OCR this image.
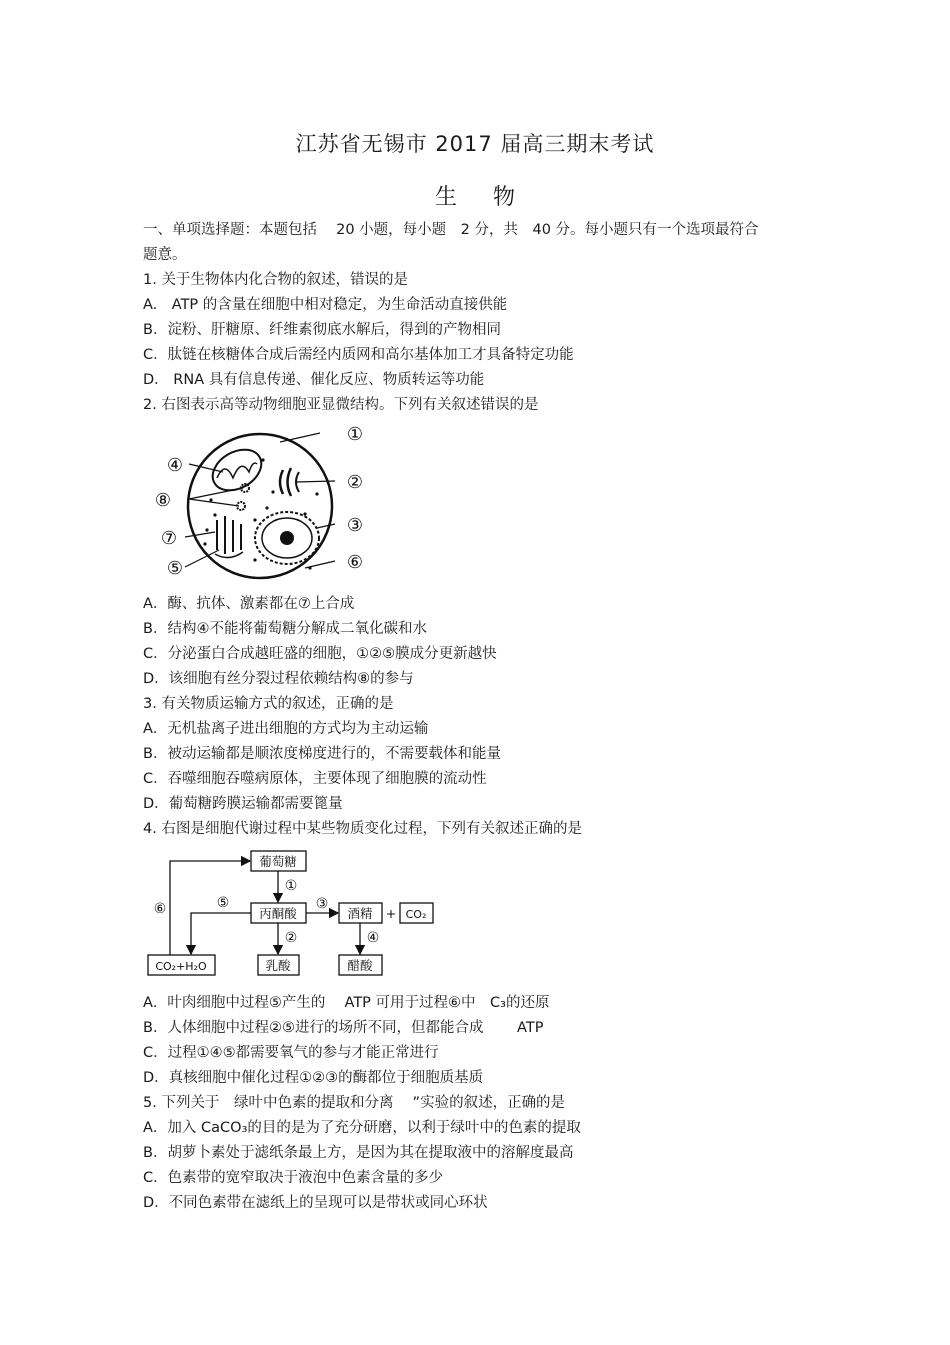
江苏省无锡市 2017 届高三期末考试
生物
一、单项选择题：本题包括　 20 小题，每小题　2 分，共　40 分。每小题只有一个选项最符合
题意。
1. 关于生物体内化合物的叙述，错误的是
A.　ATP 的含量在细胞中相对稳定，为生命活动直接供能
B．淀粉、肝糖原、纤维素彻底水解后，得到的产物相同
C．肽链在核糖体合成后需经内质网和高尔基体加工才具备特定功能
D． RNA 具有信息传递、催化反应、物质转运等功能
2. 右图表示高等动物细胞亚显微结构。下列有关叙述错误的是
①
②
③
⑥
④
⑧
⑦
⑤
A．酶、抗体、激素都在⑦上合成
B．结构④不能将葡萄糖分解成二氧化碳和水
C．分泌蛋白合成越旺盛的细胞，①②⑤膜成分更新越快
D．该细胞有丝分裂过程依赖结构⑧的参与
3. 有关物质运输方式的叙述，正确的是
A．无机盐离子进出细胞的方式均为主动运输
B．被动运输都是顺浓度梯度进行的，不需要载体和能量
C．吞噬细胞吞噬病原体，主要体现了细胞膜的流动性
D．葡萄糖跨膜运输都需要篦量
4. 右图是细胞代谢过程中某些物质变化过程，下列有关叙述正确的是
葡萄糖
丙酮酸	酒精 + CO₂
CO₂+H₂O	乳酸	醋酸
①
②
③
④
⑤
⑥
A．叶肉细胞中过程⑤产生的　 ATP 可用于过程⑥中　C₃的还原
B．人体细胞中过程②⑤进行的场所不同，但都能合成　　 ATP
C．过程①④⑤都需要氧气的参与才能正常进行
D．真核细胞中催化过程①②③的酶都位于细胞质基质
5. 下列关于　绿叶中色素的提取和分离　 ”实验的叙述，正确的是
A．加入 CaCO₃的目的是为了充分研磨，以利于绿叶中的色素的提取
B．胡萝卜素处于滤纸条最上方，是因为其在提取液中的溶解度最高
C．色素带的宽窄取决于液泡中色素含量的多少
D．不同色素带在滤纸上的呈现可以是带状或同心环状
